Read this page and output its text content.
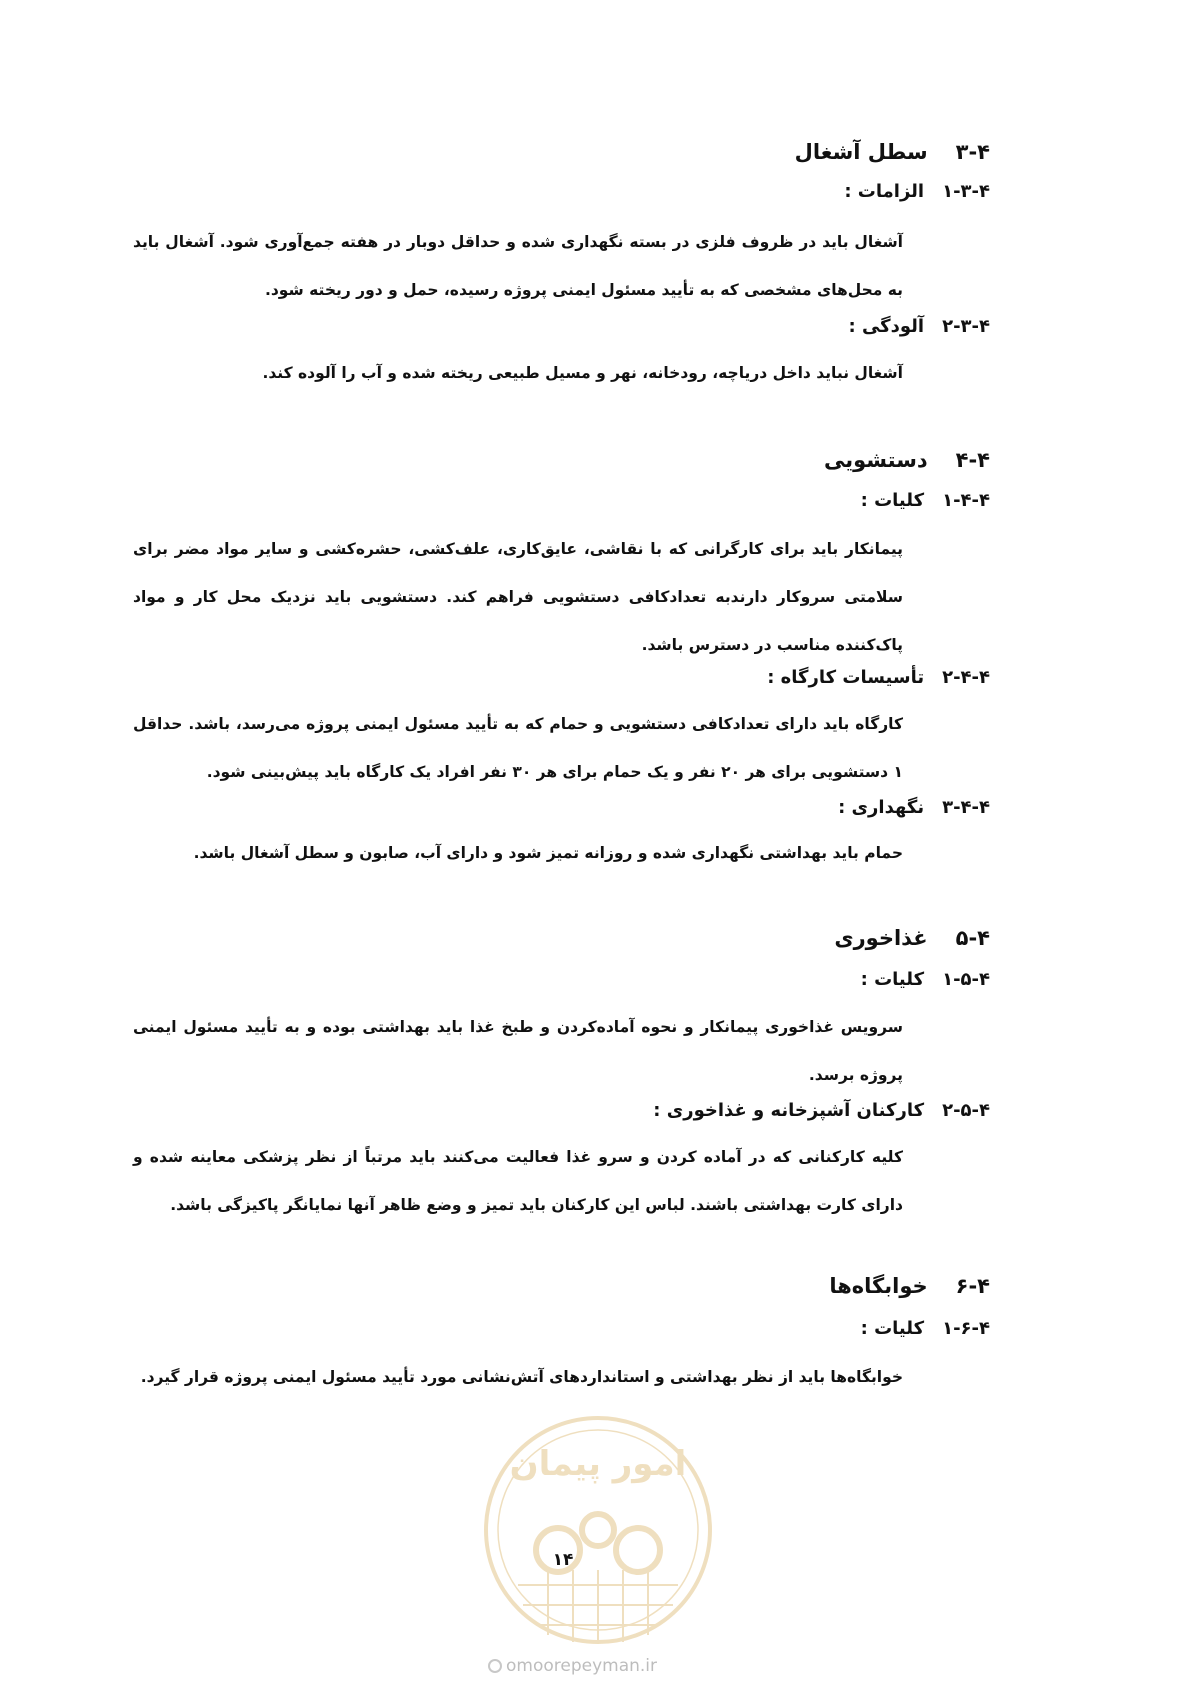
۳-۴
سطل آشغال
۱-۳-۴
الزامات :
آشغال باید در ظروف فلزی در بسته نگهداری شده و حداقل دوبار در هفته جمع‌آوری شود. آشغال باید به محل‌های مشخصی که به تأیید مسئول ایمنی پروژه رسیده، حمل و دور ریخته شود.
۲-۳-۴
آلودگی :
آشغال نباید داخل دریاچه، رودخانه، نهر و مسیل طبیعی ریخته شده و آب را آلوده کند.
۴-۴
دستشویی
۱-۴-۴
کلیات :
پیمانکار باید برای کارگرانی که با نقاشی، عایق‌کاری، علف‌کشی، حشره‌کشی و سایر مواد مضر برای سلامتی سروکار دارندبه تعدادکافی دستشویی فراهم کند. دستشویی باید نزدیک محل کار و مواد پاک‌کننده مناسب در دسترس باشد.
۲-۴-۴
تأسیسات کارگاه :
کارگاه باید دارای تعدادکافی دستشویی و حمام که به تأیید مسئول ایمنی پروژه می‌رسد، باشد. حداقل ۱ دستشویی برای هر ۲۰ نفر و یک حمام برای هر ۳۰ نفر افراد یک کارگاه باید پیش‌بینی شود.
۳-۴-۴
نگهداری :
حمام باید بهداشتی نگهداری شده و روزانه تمیز شود و دارای آب، صابون و سطل آشغال باشد.
۵-۴
غذاخوری
۱-۵-۴
کلیات :
سرویس غذاخوری پیمانکار و نحوه آماده‌کردن و طبخ غذا باید بهداشتی بوده و به تأیید مسئول ایمنی پروژه برسد.
۲-۵-۴
کارکنان آشپزخانه و غذاخوری :
کلیه کارکنانی که در آماده کردن و سرو غذا فعالیت می‌کنند باید مرتباً از نظر پزشکی معاینه شده و دارای کارت بهداشتی باشند. لباس این کارکنان باید تمیز و وضع ظاهر آنها نمایانگر پاکیزگی باشد.
۶-۴
خوابگاه‌ها
۱-۶-۴
کلیات :
خوابگاه‌ها باید از نظر بهداشتی و استانداردهای آتش‌نشانی مورد تأیید مسئول ایمنی پروژه قرار گیرد.
امور پیمان
۱۴
omoorepeyman.ir
